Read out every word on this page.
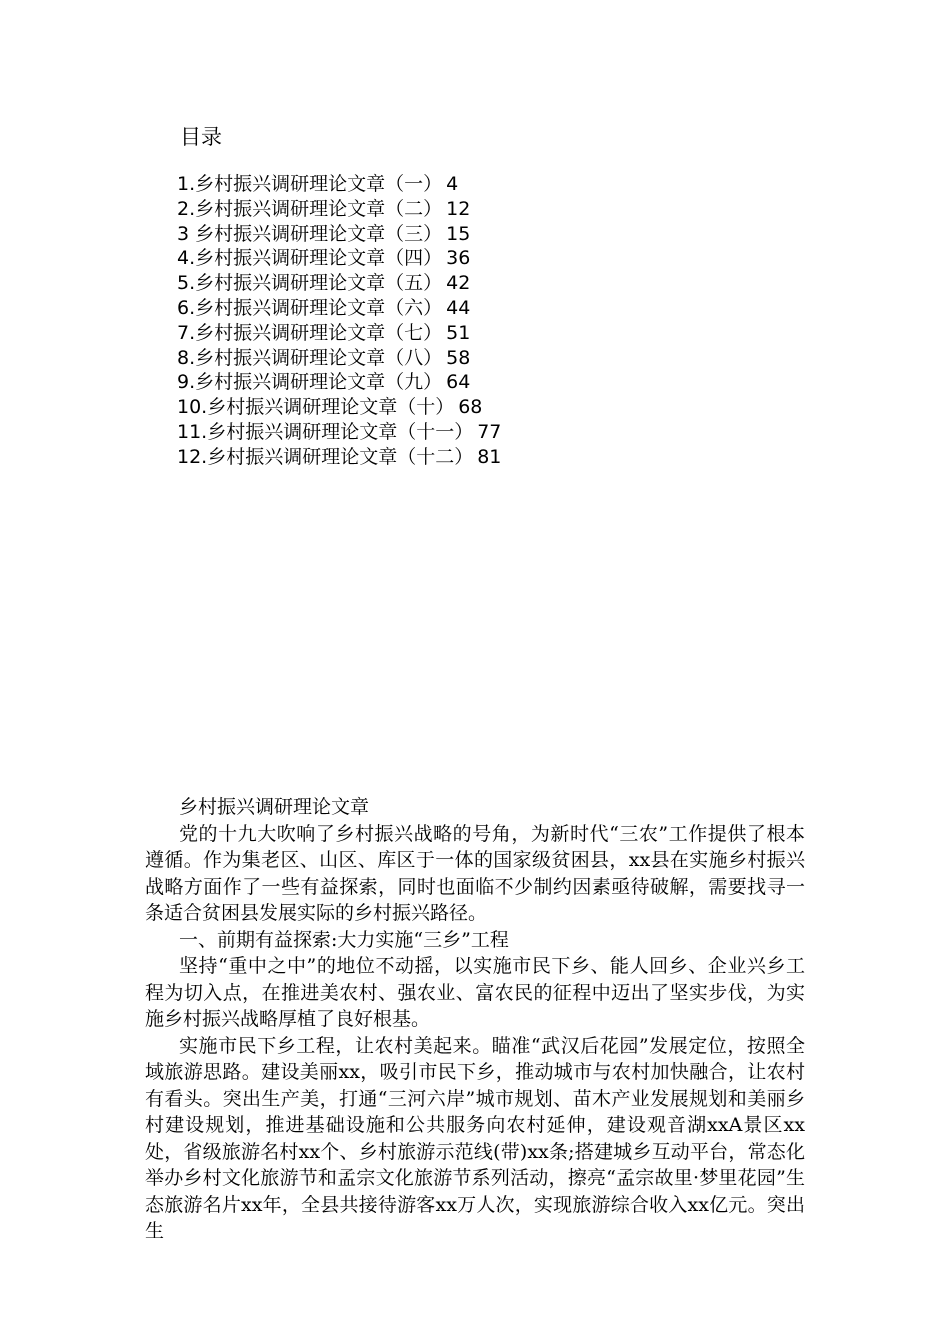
目录
1.乡村振兴调研理论文章（一） 4
2.乡村振兴调研理论文章（二） 12
3 乡村振兴调研理论文章（三） 15
4.乡村振兴调研理论文章（四） 36
5.乡村振兴调研理论文章（五） 42
6.乡村振兴调研理论文章（六） 44
7.乡村振兴调研理论文章（七） 51
8.乡村振兴调研理论文章（八） 58
9.乡村振兴调研理论文章（九） 64
10.乡村振兴调研理论文章（十） 68
11.乡村振兴调研理论文章（十一） 77
12.乡村振兴调研理论文章（十二） 81
乡村振兴调研理论文章

党的十九大吹响了乡村振兴战略的号角，为新时代“三农”工作提供了根本遵循。作为集老区、山区、库区于一体的国家级贫困县，xx县在实施乡村振兴战略方面作了一些有益探索，同时也面临不少制约因素亟待破解，需要找寻一条适合贫困县发展实际的乡村振兴路径。

一、前期有益探索:大力实施“三乡”工程

坚持“重中之中”的地位不动摇，以实施市民下乡、能人回乡、企业兴乡工程为切入点，在推进美农村、强农业、富农民的征程中迈出了坚实步伐，为实施乡村振兴战略厚植了良好根基。

实施市民下乡工程，让农村美起来。瞄准“武汉后花园”发展定位，按照全域旅游思路。建设美丽xx，吸引市民下乡，推动城市与农村加快融合，让农村有看头。突出生产美，打通“三河六岸”城市规划、苗木产业发展规划和美丽乡村建设规划，推进基础设施和公共服务向农村延伸，建设观音湖xxA景区xx处，省级旅游名村xx个、乡村旅游示范线(带)xx条;搭建城乡互动平台，常态化举办乡村文化旅游节和孟宗文化旅游节系列活动，擦亮“孟宗故里·梦里花园”生态旅游名片xx年，全县共接待游客xx万人次，实现旅游综合收入xx亿元。突出生
